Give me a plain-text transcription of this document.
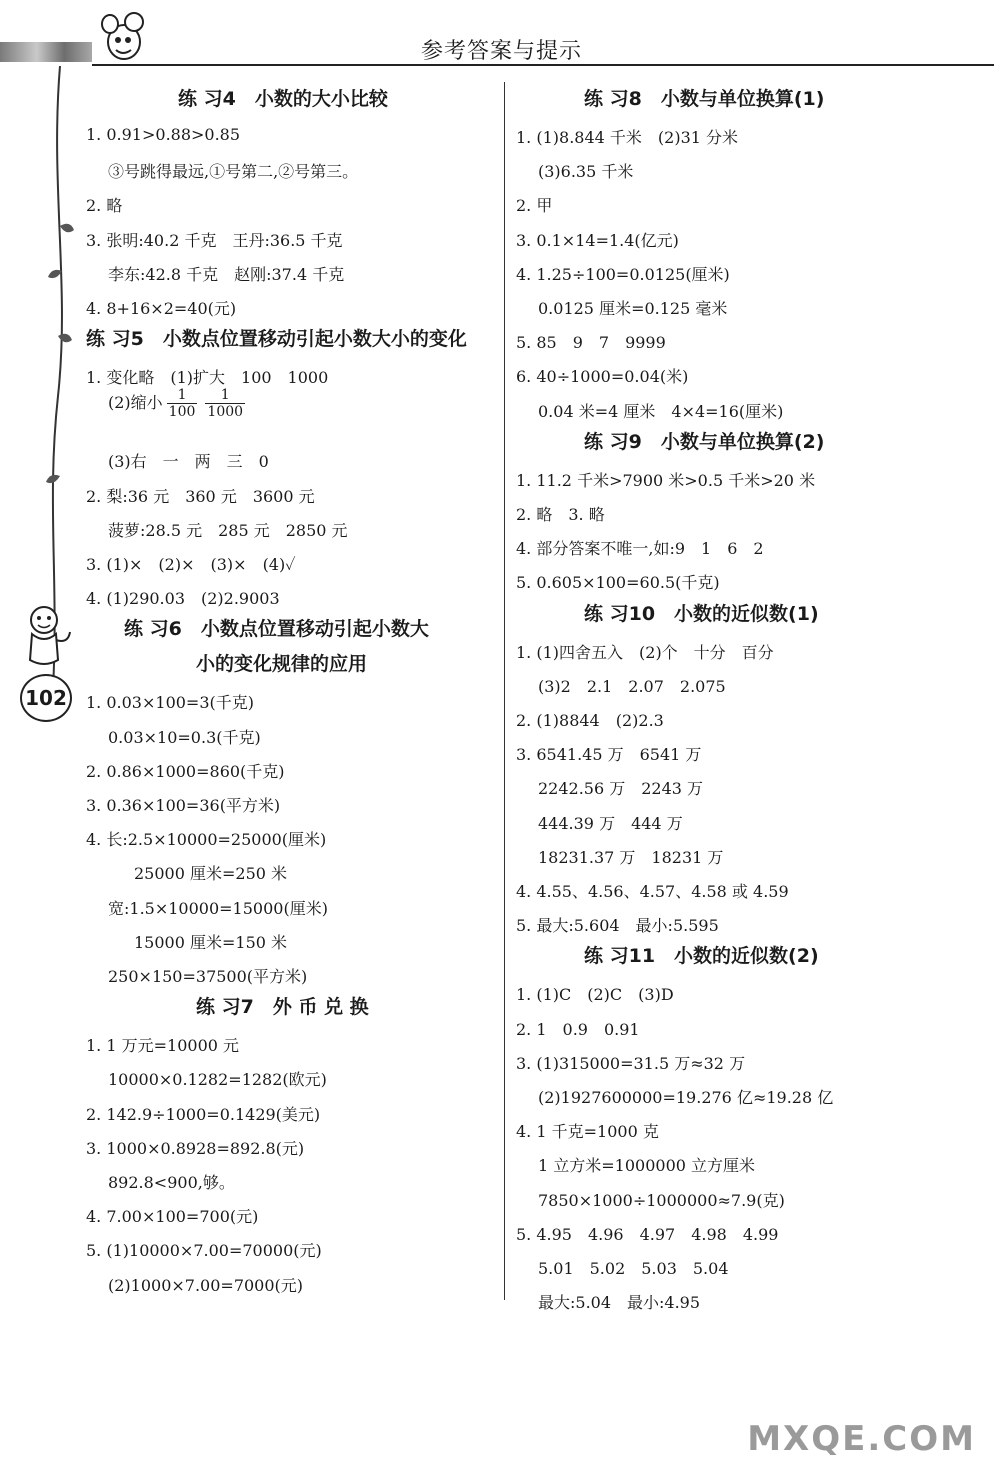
参考答案与提示
102
练 习4　小数的大小比较
1. 0.91>0.88>0.85
③号跳得最远,①号第二,②号第三。
2. 略
3. 张明:40.2 千克　王丹:36.5 千克
李东:42.8 千克　赵刚:37.4 千克
4. 8+16×2=40(元)
练 习5　小数点位置移动引起小数大小的变化
1. 变化略　(1)扩大　100　1000
(2)缩小 $\frac{1}{100} \frac{1}{1000}$
(3)右　一　两　三　0
2. 梨:36 元　360 元　3600 元
菠萝:28.5 元　285 元　2850 元
3. (1)×　(2)×　(3)×　(4)✓
4. (1)290.03　(2)2.9003
练 习6　小数点位置移动引起小数大
小的变化规律的应用
1. 0.03×100=3(千克)
0.03×10=0.3(千克)
2. 0.86×1000=860(千克)
3. 0.36×100=36(平方米)
4. 长:2.5×10000=25000(厘米)
25000 厘米=250 米
宽:1.5×10000=15000(厘米)
15000 厘米=150 米
250×150=37500(平方米)
练 习7　外 币 兑 换
1. 1 万元=10000 元
10000×0.1282=1282(欧元)
2. 142.9÷1000=0.1429(美元)
3. 1000×0.8928=892.8(元)
892.8<900,够。
4. 7.00×100=700(元)
5. (1)10000×7.00=70000(元)
(2)1000×7.00=7000(元)
练 习8　小数与单位换算(1)
1. (1)8.844 千米　(2)31 分米
(3)6.35 千米
2. 甲
3. 0.1×14=1.4(亿元)
4. 1.25÷100=0.0125(厘米)
0.0125 厘米=0.125 毫米
5. 85　9　7　9999
6. 40÷1000=0.04(米)
0.04 米=4 厘米　4×4=16(厘米)
练 习9　小数与单位换算(2)
1. 11.2 千米>7900 米>0.5 千米>20 米
2. 略　3. 略
4. 部分答案不唯一,如:9　1　6　2
5. 0.605×100=60.5(千克)
练 习10　小数的近似数(1)
1. (1)四舍五入　(2)个　十分　百分
(3)2　2.1　2.07　2.075
2. (1)8844　(2)2.3
3. 6541.45 万　6541 万
2242.56 万　2243 万
444.39 万　444 万
18231.37 万　18231 万
4. 4.55、4.56、4.57、4.58 或 4.59
5. 最大:5.604　最小:5.595
练 习11　小数的近似数(2)
1. (1)C　(2)C　(3)D
2. 1　0.9　0.91
3. (1)315000=31.5 万≈32 万
(2)1927600000=19.276 亿≈19.28 亿
4. 1 千克=1000 克
1 立方米=1000000 立方厘米
7850×1000÷1000000≈7.9(克)
5. 4.95　4.96　4.97　4.98　4.99
5.01　5.02　5.03　5.04
最大:5.04　最小:4.95
MXQE.COM
